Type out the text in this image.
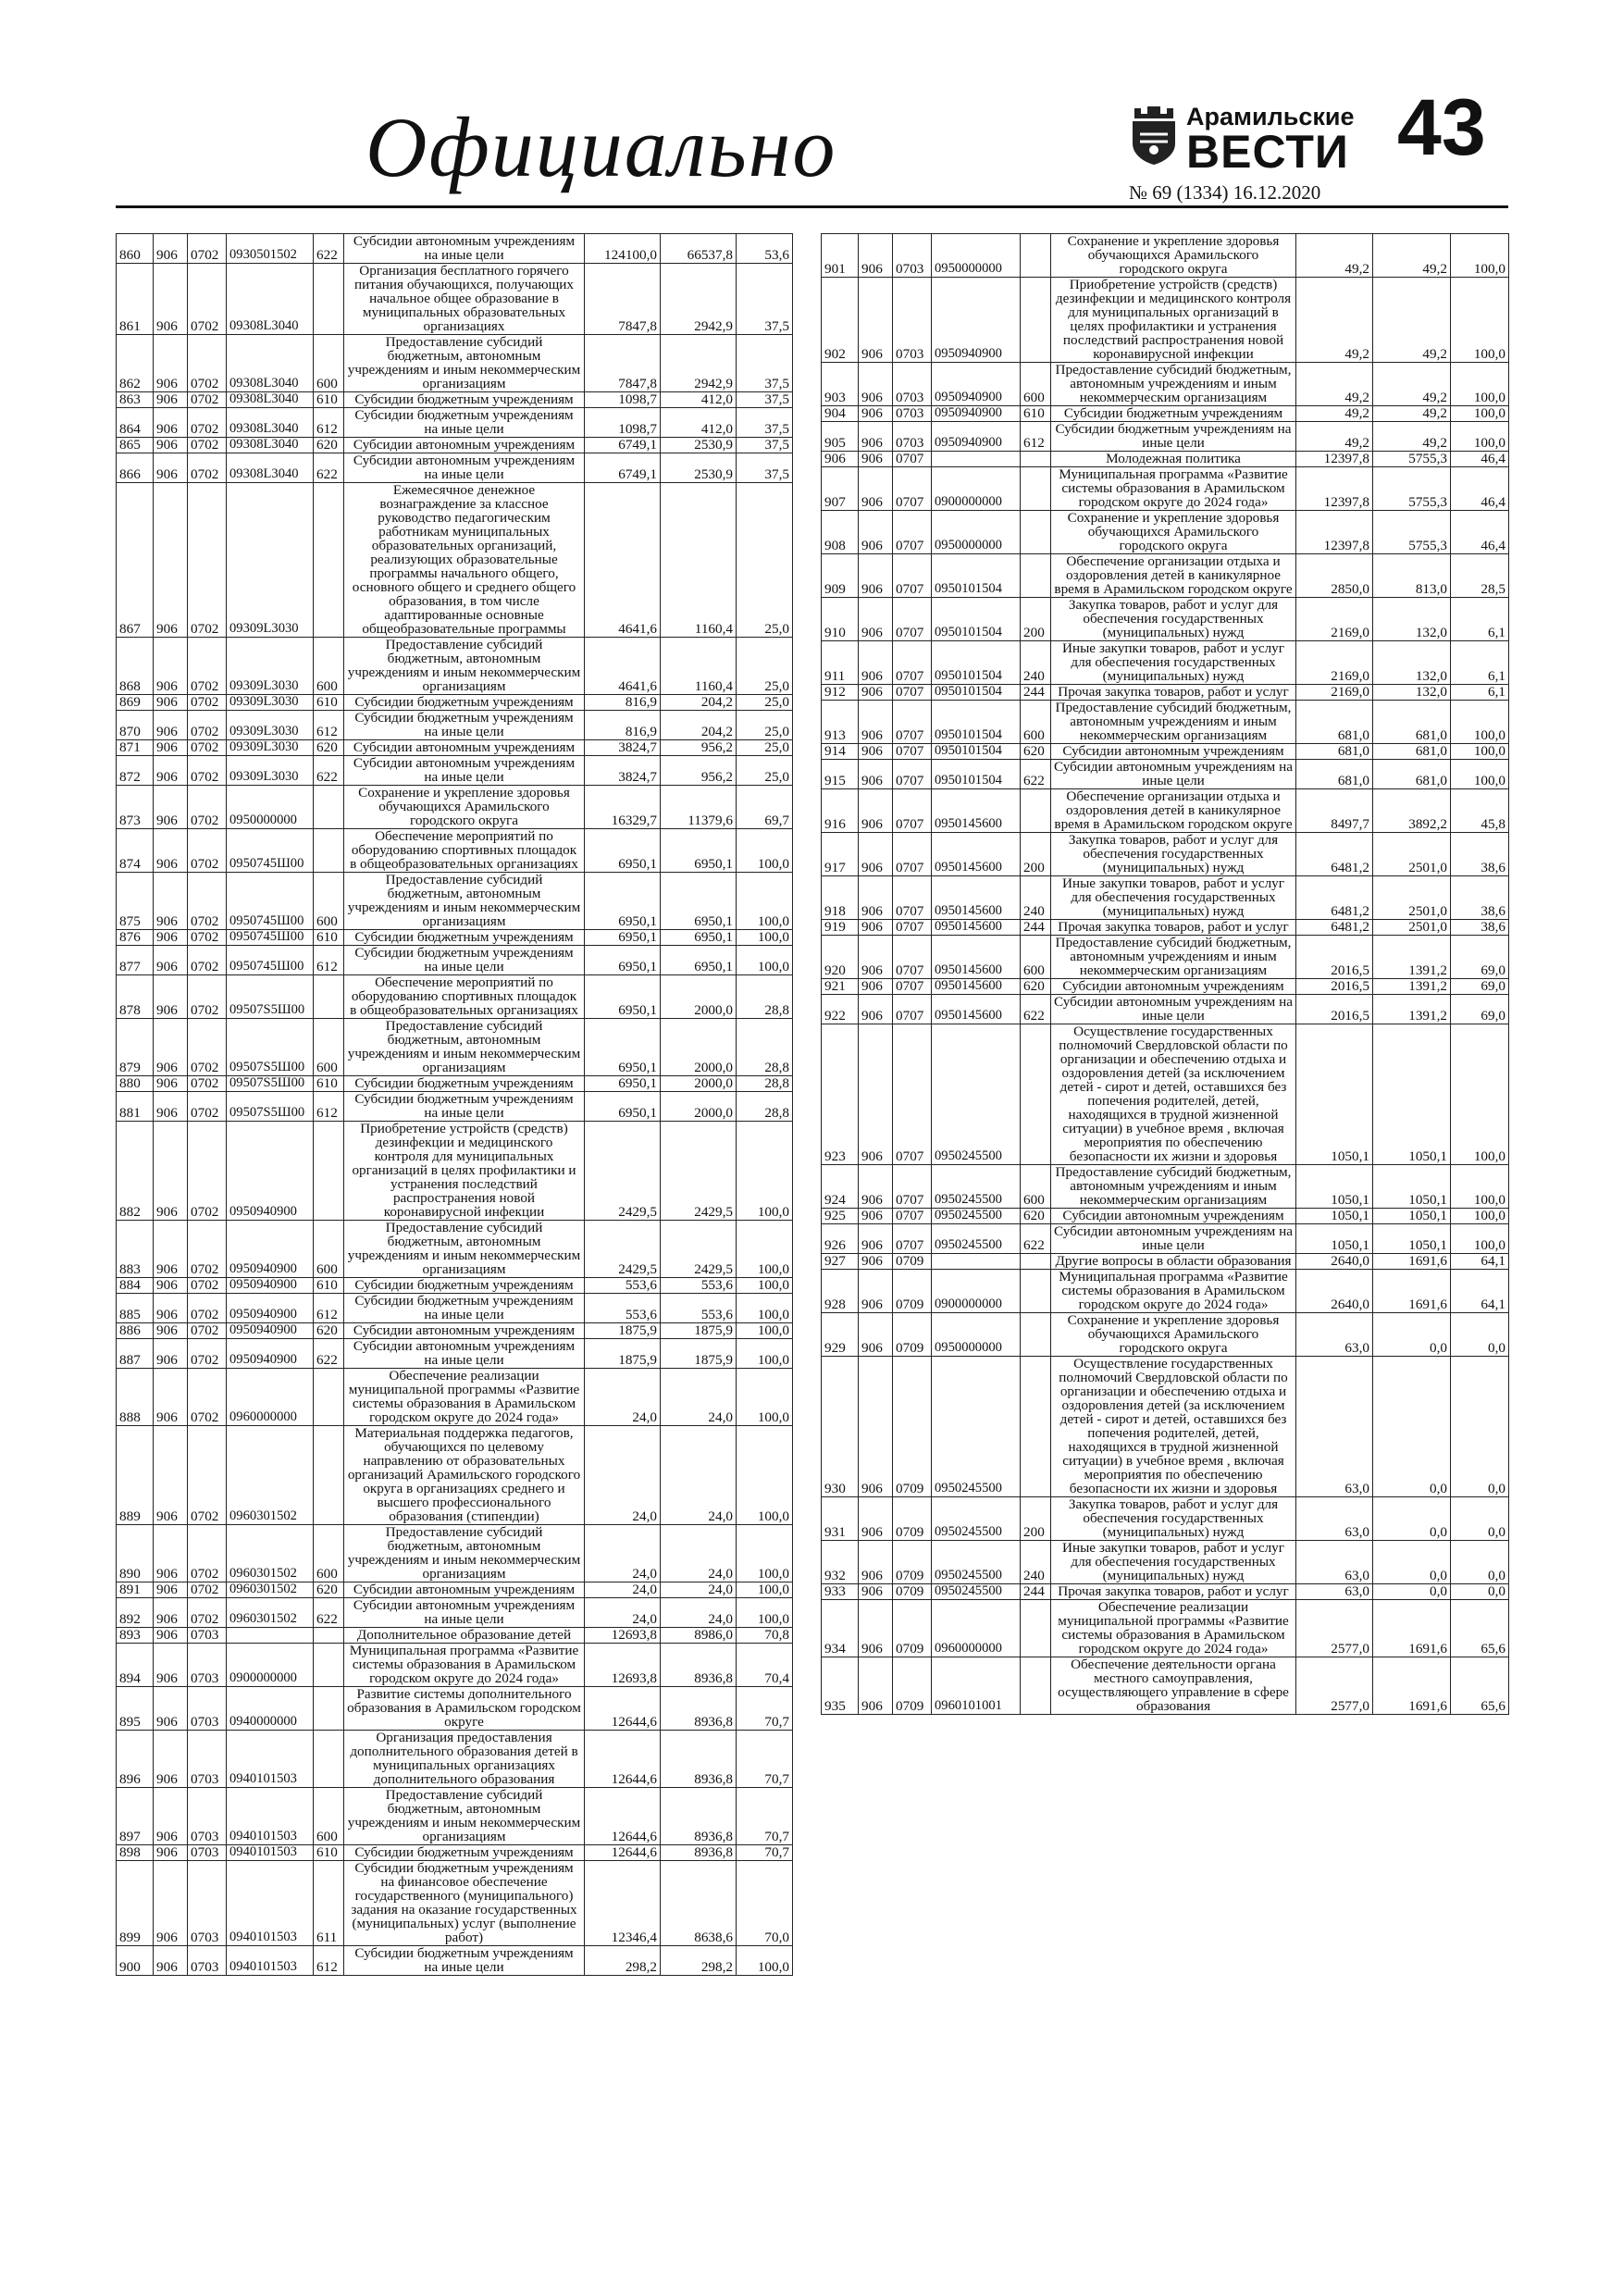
Официально	Арамильские
ВЕСТИ
№ 69 (1334) 16.12.2020
43
860	906	0702	0930501502	622	Субсидии автономным учреждениям на иные цели	124100,0	66537,8	53,6
861	906	0702	09308L3040		Организация бесплатного горячего питания обучающихся, получающих начальное общее образование в муниципальных образовательных организациях	7847,8	2942,9	37,5
862	906	0702	09308L3040	600	Предоставление субсидий бюджетным, автономным учреждениям и иным некоммерческим организациям	7847,8	2942,9	37,5
863	906	0702	09308L3040	610	Субсидии бюджетным учреждениям	1098,7	412,0	37,5
864	906	0702	09308L3040	612	Субсидии бюджетным учреждениям на иные цели	1098,7	412,0	37,5
865	906	0702	09308L3040	620	Субсидии автономным учреждениям	6749,1	2530,9	37,5
866	906	0702	09308L3040	622	Субсидии автономным учреждениям на иные цели	6749,1	2530,9	37,5
867	906	0702	09309L3030		Ежемесячное денежное вознаграждение за классное руководство педагогическим работникам муниципальных образовательных организаций, реализующих образовательные программы начального общего, основного общего и среднего общего образования, в том числе адаптированные основные общеобразовательные программы	4641,6	1160,4	25,0
868	906	0702	09309L3030	600	Предоставление субсидий бюджетным, автономным учреждениям и иным некоммерческим организациям	4641,6	1160,4	25,0
869	906	0702	09309L3030	610	Субсидии бюджетным учреждениям	816,9	204,2	25,0
870	906	0702	09309L3030	612	Субсидии бюджетным учреждениям на иные цели	816,9	204,2	25,0
871	906	0702	09309L3030	620	Субсидии автономным учреждениям	3824,7	956,2	25,0
872	906	0702	09309L3030	622	Субсидии автономным учреждениям на иные цели	3824,7	956,2	25,0
873	906	0702	0950000000		Сохранение и укрепление здоровья обучающихся Арамильского городского округа	16329,7	11379,6	69,7
874	906	0702	0950745Ш00		Обеспечение мероприятий по оборудованию спортивных площадок в общеобразовательных организациях	6950,1	6950,1	100,0
875	906	0702	0950745Ш00	600	Предоставление субсидий бюджетным, автономным учреждениям и иным некоммерческим организациям	6950,1	6950,1	100,0
876	906	0702	0950745Ш00	610	Субсидии бюджетным учреждениям	6950,1	6950,1	100,0
877	906	0702	0950745Ш00	612	Субсидии бюджетным учреждениям на иные цели	6950,1	6950,1	100,0
878	906	0702	09507S5Ш00		Обеспечение мероприятий по оборудованию спортивных площадок в общеобразовательных организациях	6950,1	2000,0	28,8
879	906	0702	09507S5Ш00	600	Предоставление субсидий бюджетным, автономным учреждениям и иным некоммерческим организациям	6950,1	2000,0	28,8
880	906	0702	09507S5Ш00	610	Субсидии бюджетным учреждениям	6950,1	2000,0	28,8
881	906	0702	09507S5Ш00	612	Субсидии бюджетным учреждениям на иные цели	6950,1	2000,0	28,8
882	906	0702	0950940900		Приобретение устройств (средств) дезинфекции и медицинского контроля для муниципальных организаций в целях профилактики и устранения последствий распространения новой коронавирусной инфекции	2429,5	2429,5	100,0
883	906	0702	0950940900	600	Предоставление субсидий бюджетным, автономным учреждениям и иным некоммерческим организациям	2429,5	2429,5	100,0
884	906	0702	0950940900	610	Субсидии бюджетным учреждениям	553,6	553,6	100,0
885	906	0702	0950940900	612	Субсидии бюджетным учреждениям на иные цели	553,6	553,6	100,0
886	906	0702	0950940900	620	Субсидии автономным учреждениям	1875,9	1875,9	100,0
887	906	0702	0950940900	622	Субсидии автономным учреждениям на иные цели	1875,9	1875,9	100,0
888	906	0702	0960000000		Обеспечение реализации муниципальной программы «Развитие системы образования в Арамильском городском округе до 2024 года»	24,0	24,0	100,0
889	906	0702	0960301502		Материальная поддержка педагогов, обучающихся по целевому направлению от образовательных организаций Арамильского городского округа в организациях среднего и высшего профессионального образования (стипендии)	24,0	24,0	100,0
890	906	0702	0960301502	600	Предоставление субсидий бюджетным, автономным учреждениям и иным некоммерческим организациям	24,0	24,0	100,0
891	906	0702	0960301502	620	Субсидии автономным учреждениям	24,0	24,0	100,0
892	906	0702	0960301502	622	Субсидии автономным учреждениям на иные цели	24,0	24,0	100,0
893	906	0703			Дополнительное образование детей	12693,8	8986,0	70,8
894	906	0703	0900000000		Муниципальная программа «Развитие системы образования в Арамильском городском округе до 2024 года»	12693,8	8936,8	70,4
895	906	0703	0940000000		Развитие системы дополнительного образования в Арамильском городском округе	12644,6	8936,8	70,7
896	906	0703	0940101503		Организация предоставления дополнительного образования детей в муниципальных организациях дополнительного образования	12644,6	8936,8	70,7
897	906	0703	0940101503	600	Предоставление субсидий бюджетным, автономным учреждениям и иным некоммерческим организациям	12644,6	8936,8	70,7
898	906	0703	0940101503	610	Субсидии бюджетным учреждениям	12644,6	8936,8	70,7
899	906	0703	0940101503	611	Субсидии бюджетным учреждениям на финансовое обеспечение государственного (муниципального) задания на оказание государственных (муниципальных) услуг (выполнение работ)	12346,4	8638,6	70,0
900	906	0703	0940101503	612	Субсидии бюджетным учреждениям на иные цели	298,2	298,2	100,0
901	906	0703	0950000000		Сохранение и укрепление здоровья обучающихся Арамильского городского округа	49,2	49,2	100,0
902	906	0703	0950940900		Приобретение устройств (средств) дезинфекции и медицинского контроля для муниципальных организаций в целях профилактики и устранения последствий распространения новой коронавирусной инфекции	49,2	49,2	100,0
903	906	0703	0950940900	600	Предоставление субсидий бюджетным, автономным учреждениям и иным некоммерческим организациям	49,2	49,2	100,0
904	906	0703	0950940900	610	Субсидии бюджетным учреждениям	49,2	49,2	100,0
905	906	0703	0950940900	612	Субсидии бюджетным учреждениям на иные цели	49,2	49,2	100,0
906	906	0707			Молодежная политика	12397,8	5755,3	46,4
907	906	0707	0900000000		Муниципальная программа «Развитие системы образования в Арамильском городском округе до 2024 года»	12397,8	5755,3	46,4
908	906	0707	0950000000		Сохранение и укрепление здоровья обучающихся Арамильского городского округа	12397,8	5755,3	46,4
909	906	0707	0950101504		Обеспечение организации отдыха и оздоровления детей в каникулярное время в Арамильском городском округе	2850,0	813,0	28,5
910	906	0707	0950101504	200	Закупка товаров, работ и услуг для обеспечения государственных (муниципальных) нужд	2169,0	132,0	6,1
911	906	0707	0950101504	240	Иные закупки товаров, работ и услуг для обеспечения государственных (муниципальных) нужд	2169,0	132,0	6,1
912	906	0707	0950101504	244	Прочая закупка товаров, работ и услуг	2169,0	132,0	6,1
913	906	0707	0950101504	600	Предоставление субсидий бюджетным, автономным учреждениям и иным некоммерческим организациям	681,0	681,0	100,0
914	906	0707	0950101504	620	Субсидии автономным учреждениям	681,0	681,0	100,0
915	906	0707	0950101504	622	Субсидии автономным учреждениям на иные цели	681,0	681,0	100,0
916	906	0707	0950145600		Обеспечение организации отдыха и оздоровления детей в каникулярное время в Арамильском городском округе	8497,7	3892,2	45,8
917	906	0707	0950145600	200	Закупка товаров, работ и услуг для обеспечения государственных (муниципальных) нужд	6481,2	2501,0	38,6
918	906	0707	0950145600	240	Иные закупки товаров, работ и услуг для обеспечения государственных (муниципальных) нужд	6481,2	2501,0	38,6
919	906	0707	0950145600	244	Прочая закупка товаров, работ и услуг	6481,2	2501,0	38,6
920	906	0707	0950145600	600	Предоставление субсидий бюджетным, автономным учреждениям и иным некоммерческим организациям	2016,5	1391,2	69,0
921	906	0707	0950145600	620	Субсидии автономным учреждениям	2016,5	1391,2	69,0
922	906	0707	0950145600	622	Субсидии автономным учреждениям на иные цели	2016,5	1391,2	69,0
923	906	0707	0950245500		Осуществление государственных полномочий Свердловской области по организации и обеспечению отдыха и оздоровления детей (за исключением детей - сирот и детей, оставшихся без попечения родителей, детей, находящихся в трудной жизненной ситуации) в учебное время , включая мероприятия по обеспечению безопасности их жизни и здоровья	1050,1	1050,1	100,0
924	906	0707	0950245500	600	Предоставление субсидий бюджетным, автономным учреждениям и иным некоммерческим организациям	1050,1	1050,1	100,0
925	906	0707	0950245500	620	Субсидии автономным учреждениям	1050,1	1050,1	100,0
926	906	0707	0950245500	622	Субсидии автономным учреждениям на иные цели	1050,1	1050,1	100,0
927	906	0709			Другие вопросы в области образования	2640,0	1691,6	64,1
928	906	0709	0900000000		Муниципальная программа «Развитие системы образования в Арамильском городском округе до 2024 года»	2640,0	1691,6	64,1
929	906	0709	0950000000		Сохранение и укрепление здоровья обучающихся Арамильского городского округа	63,0	0,0	0,0
930	906	0709	0950245500		Осуществление государственных полномочий Свердловской области по организации и обеспечению отдыха и оздоровления детей (за исключением детей - сирот и детей, оставшихся без попечения родителей, детей, находящихся в трудной жизненной ситуации) в учебное время , включая мероприятия по обеспечению безопасности их жизни и здоровья	63,0	0,0	0,0
931	906	0709	0950245500	200	Закупка товаров, работ и услуг для обеспечения государственных (муниципальных) нужд	63,0	0,0	0,0
932	906	0709	0950245500	240	Иные закупки товаров, работ и услуг для обеспечения государственных (муниципальных) нужд	63,0	0,0	0,0
933	906	0709	0950245500	244	Прочая закупка товаров, работ и услуг	63,0	0,0	0,0
934	906	0709	0960000000		Обеспечение реализации муниципальной программы «Развитие системы образования в Арамильском городском округе до 2024 года»	2577,0	1691,6	65,6
935	906	0709	0960101001		Обеспечение деятельности органа местного самоуправления, осуществляющего управление в сфере образования	2577,0	1691,6	65,6
